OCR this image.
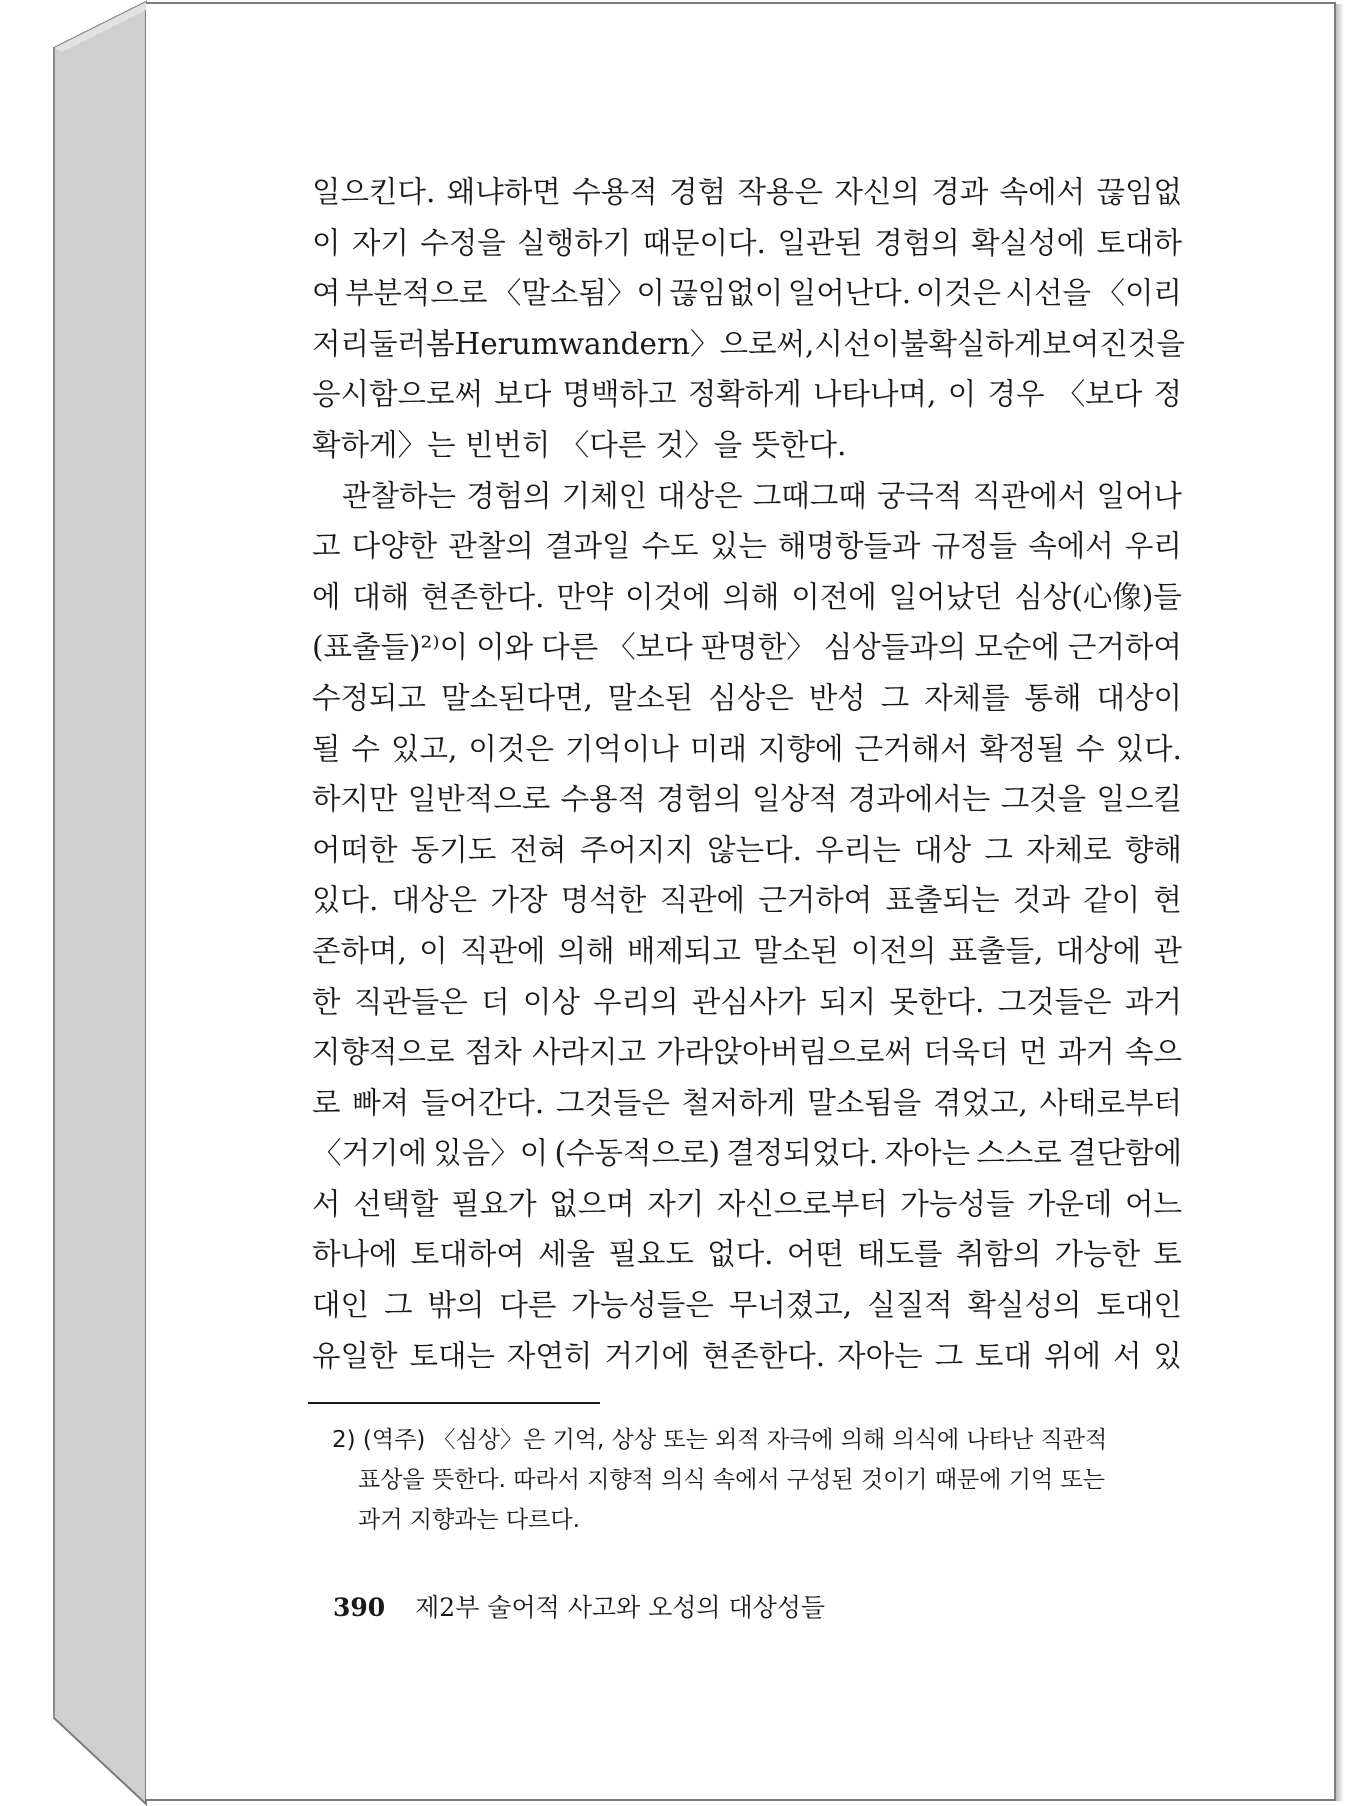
일으킨다. 왜냐하면 수용적 경험 작용은 자신의 경과 속에서 끊임없
이 자기 수정을 실행하기 때문이다. 일관된 경험의 확실성에 토대하
여 부분적으로 〈말소됨〉이 끊임없이 일어난다. 이것은 시선을 〈이리
저리 둘러봄 Herumwandern〉으로써, 시선이 불확실하게 보여진 것을
응시함으로써 보다 명백하고 정확하게 나타나며, 이 경우 〈보다 정
확하게〉는 빈번히 〈다른 것〉을 뜻한다.
관찰하는 경험의 기체인 대상은 그때그때 궁극적 직관에서 일어나
고 다양한 관찰의 결과일 수도 있는 해명항들과 규정들 속에서 우리
에 대해 현존한다. 만약 이것에 의해 이전에 일어났던 심상(心像)들
(표출들)²⁾이 이와 다른 〈보다 판명한〉 심상들과의 모순에 근거하여
수정되고 말소된다면, 말소된 심상은 반성 그 자체를 통해 대상이
될 수 있고, 이것은 기억이나 미래 지향에 근거해서 확정될 수 있다.
하지만 일반적으로 수용적 경험의 일상적 경과에서는 그것을 일으킬
어떠한 동기도 전혀 주어지지 않는다. 우리는 대상 그 자체로 향해
있다. 대상은 가장 명석한 직관에 근거하여 표출되는 것과 같이 현
존하며, 이 직관에 의해 배제되고 말소된 이전의 표출들, 대상에 관
한 직관들은 더 이상 우리의 관심사가 되지 못한다. 그것들은 과거
지향적으로 점차 사라지고 가라앉아버림으로써 더욱더 먼 과거 속으
로 빠져 들어간다. 그것들은 철저하게 말소됨을 겪었고, 사태로부터
〈거기에 있음〉이 (수동적으로) 결정되었다. 자아는 스스로 결단함에
서 선택할 필요가 없으며 자기 자신으로부터 가능성들 가운데 어느
하나에 토대하여 세울 필요도 없다. 어떤 태도를 취함의 가능한 토
대인 그 밖의 다른 가능성들은 무너졌고, 실질적 확실성의 토대인
유일한 토대는 자연히 거기에 현존한다. 자아는 그 토대 위에 서 있
2) (역주) 〈심상〉은 기억, 상상 또는 외적 자극에 의해 의식에 나타난 직관적
표상을 뜻한다. 따라서 지향적 의식 속에서 구성된 것이기 때문에 기억 또는
과거 지향과는 다르다.
390 제2부 술어적 사고와 오성의 대상성들
